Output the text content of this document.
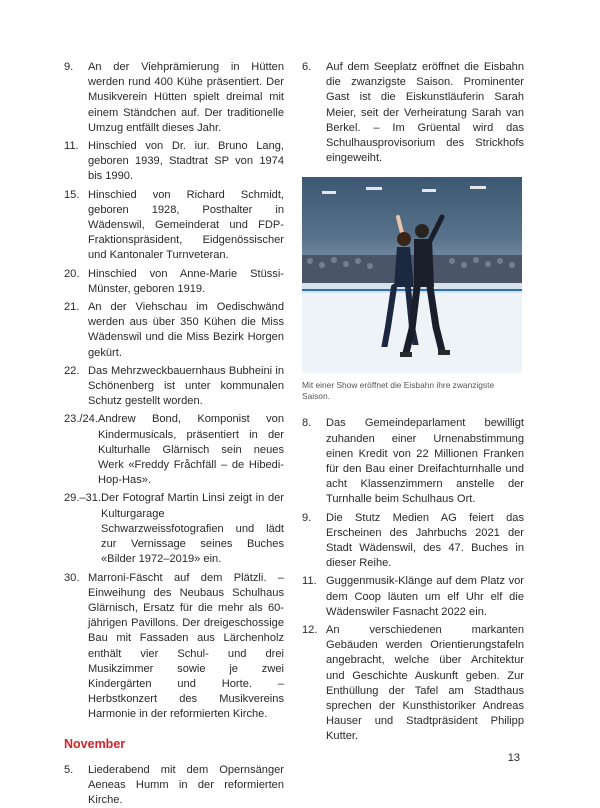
9.	An der Viehprämierung in Hütten werden rund 400 Kühe präsentiert. Der Musikverein Hütten spielt dreimal mit einem Ständchen auf. Der traditionelle Umzug entfällt dieses Jahr.
11. Hinschied von Dr. iur. Bruno Lang, geboren 1939, Stadtrat SP von 1974 bis 1990.
15. Hinschied von Richard Schmidt, geboren 1928, Posthalter in Wädenswil, Gemeinderat und FDP-Fraktionspräsident, Eidgenössischer und Kantonaler Turnveteran.
20. Hinschied von Anne-Marie Stüssi-Münster, geboren 1919.
21. An der Viehschau im Oedischwänd werden aus über 350 Kühen die Miss Wädenswil und die Miss Bezirk Horgen gekürt.
22. Das Mehrzweckbauernhaus Bubheini in Schönenberg ist unter kommunalen Schutz gestellt worden.
23./24. Andrew Bond, Komponist von Kindermusicals, präsentiert in der Kulturhalle Glärnisch sein neues Werk «Freddy Fråchfäll – de Hibedi-Hop-Has».
29.–31. Der Fotograf Martin Linsi zeigt in der Kulturgarage Schwarzweissfotografien und lädt zur Vernissage seines Buches «Bilder 1972–2019» ein.
30. Marroni-Fäscht auf dem Plätzli. – Einweihung des Neubaus Schulhaus Glärnisch, Ersatz für die mehr als 60-jährigen Pavillons. Der dreigeschossige Bau mit Fassaden aus Lärchenholz enthält vier Schul- und drei Musikzimmer sowie je zwei Kindergärten und Horte. – Herbstkonzert des Musikvereins Harmonie in der reformierten Kirche.
November
5.	Liederabend mit dem Opernsänger Aeneas Humm in der reformierten Kirche.
6.	Auf dem Seeplatz eröffnet die Eisbahn die zwanzigste Saison. Prominenter Gast ist die Eiskunstläuferin Sarah Meier, seit der Verheiratung Sarah van Berkel. – Im Grüental wird das Schulhausprovisorium des Strickhofs eingeweiht.
Mit einer Show eröffnet die Eisbahn ihre zwanzigste Saison.
8.	Das Gemeindeparlament bewilligt zuhanden einer Urnenabstimmung einen Kredit von 22 Millionen Franken für den Bau einer Dreifachturnhalle und acht Klassenzimmern anstelle der Turnhalle beim Schulhaus Ort.
9.	Die Stutz Medien AG feiert das Erscheinen des Jahrbuchs 2021 der Stadt Wädenswil, des 47. Buches in dieser Reihe.
11. Guggenmusik-Klänge auf dem Platz vor dem Coop läuten um elf Uhr elf die Wädenswiler Fasnacht 2022 ein.
12. An verschiedenen markanten Gebäuden werden Orientierungstafeln angebracht, welche über Architektur und Geschichte Auskunft geben. Zur Enthüllung der Tafel am Stadthaus sprechen der Kunsthistoriker Andreas Hauser und Stadtpräsident Philipp Kutter.
13
